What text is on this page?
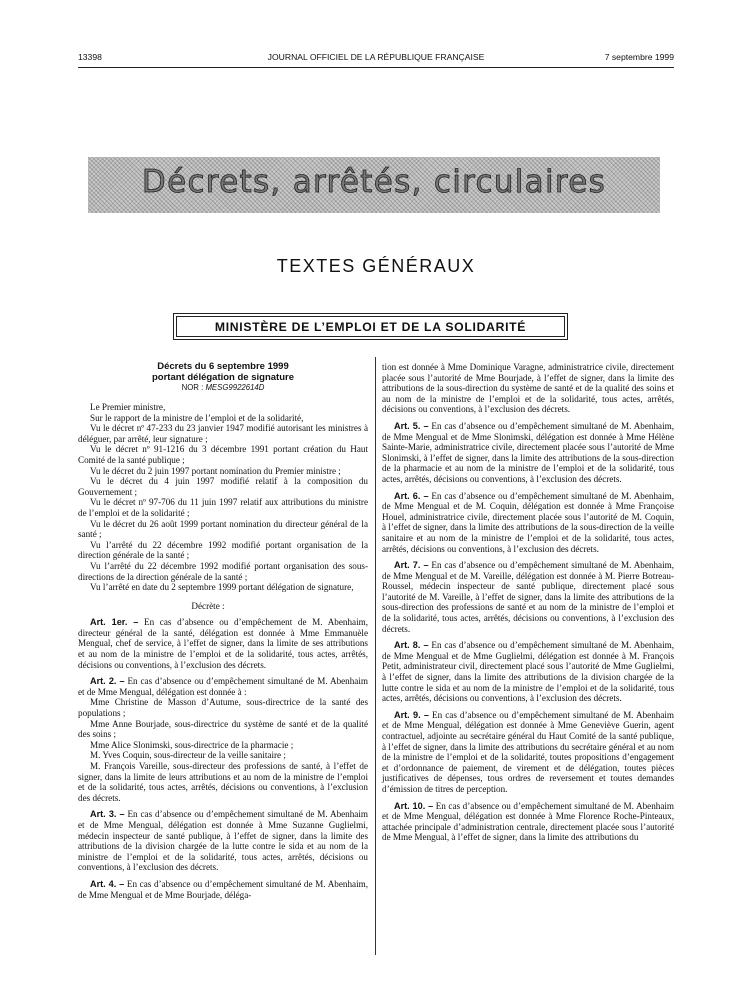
13398	JOURNAL OFFICIEL DE LA RÉPUBLIQUE FRANÇAISE	7 septembre 1999
Décrets, arrêtés, circulaires
TEXTES GÉNÉRAUX
MINISTÈRE DE L’EMPLOI ET DE LA SOLIDARITÉ

Décrets du 6 septembre 1999

portant délégation de signature

NOR : MESG9922614D

Le Premier ministre,

Sur le rapport de la ministre de l’emploi et de la solidarité,

Vu le décret nº 47-233 du 23 janvier 1947 modifié autorisant les ministres à déléguer, par arrêté, leur signature ;

Vu le décret nº 91-1216 du 3 décembre 1991 portant création du Haut Comité de la santé publique ;

Vu le décret du 2 juin 1997 portant nomination du Premier ministre ;

Vu le décret du 4 juin 1997 modifié relatif à la composition du Gouvernement ;

Vu le décret nº 97-706 du 11 juin 1997 relatif aux attributions du ministre de l’emploi et de la solidarité ;

Vu le décret du 26 août 1999 portant nomination du directeur général de la santé ;

Vu l’arrêté du 22 décembre 1992 modifié portant organisation de la direction générale de la santé ;

Vu l’arrêté du 22 décembre 1992 modifié portant organisation des sous-directions de la direction générale de la santé ;

Vu l’arrêté en date du 2 septembre 1999 portant délégation de signature,

Décrète :

Art. 1er. – En cas d’absence ou d’empêchement de M. Abenhaim, directeur général de la santé, délégation est donnée à Mme Emmanuèle Mengual, chef de service, à l’effet de signer, dans la limite de ses attributions et au nom de la ministre de l’emploi et de la solidarité, tous actes, arrêtés, décisions ou conventions, à l’exclusion des décrets.

Art. 2. – En cas d’absence ou d’empêchement simultané de M. Abenhaim et de Mme Mengual, délégation est donnée à :

Mme Christine de Masson d’Autume, sous-directrice de la santé des populations ;

Mme Anne Bourjade, sous-directrice du système de santé et de la qualité des soins ;

Mme Alice Slonimski, sous-directrice de la pharmacie ;

M. Yves Coquin, sous-directeur de la veille sanitaire ;

M. François Vareille, sous-directeur des professions de santé, à l’effet de signer, dans la limite de leurs attributions et au nom de la ministre de l’emploi et de la solidarité, tous actes, arrêtés, décisions ou conventions, à l’exclusion des décrets.

Art. 3. – En cas d’absence ou d’empêchement simultané de M. Abenhaim et de Mme Mengual, délégation est donnée à Mme Suzanne Guglielmi, médecin inspecteur de santé publique, à l’effet de signer, dans la limite des attributions de la division chargée de la lutte contre le sida et au nom de la ministre de l’emploi et de la solidarité, tous actes, arrêtés, décisions ou conventions, à l’exclusion des décrets.

Art. 4. – En cas d’absence ou d’empêchement simultané de M. Abenhaim, de Mme Mengual et de Mme Bourjade, déléga-

tion est donnée à Mme Dominique Varagne, administratrice civile, directement placée sous l’autorité de Mme Bourjade, à l’effet de signer, dans la limite des attributions de la sous-direction du système de santé et de la qualité des soins et au nom de la ministre de l’emploi et de la solidarité, tous actes, arrêtés, décisions ou conventions, à l’exclusion des décrets.

Art. 5. – En cas d’absence ou d’empêchement simultané de M. Abenhaim, de Mme Mengual et de Mme Slonimski, délégation est donnée à Mme Hélène Sainte-Marie, administratrice civile, directement placée sous l’autorité de Mme Slonimski, à l’effet de signer, dans la limite des attributions de la sous-direction de la pharmacie et au nom de la ministre de l’emploi et de la solidarité, tous actes, arrêtés, décisions ou conventions, à l’exclusion des décrets.

Art. 6. – En cas d’absence ou d’empêchement simultané de M. Abenhaim, de Mme Mengual et de M. Coquin, délégation est donnée à Mme Françoise Houel, administratrice civile, directement placée sous l’autorité de M. Coquin, à l’effet de signer, dans la limite des attributions de la sous-direction de la veille sanitaire et au nom de la ministre de l’emploi et de la solidarité, tous actes, arrêtés, décisions ou conventions, à l’exclusion des décrets.

Art. 7. – En cas d’absence ou d’empêchement simultané de M. Abenhaim, de Mme Mengual et de M. Vareille, délégation est donnée à M. Pierre Botreau-Roussel, médecin inspecteur de santé publique, directement placé sous l’autorité de M. Vareille, à l’effet de signer, dans la limite des attributions de la sous-direction des professions de santé et au nom de la ministre de l’emploi et de la solidarité, tous actes, arrêtés, décisions ou conventions, à l’exclusion des décrets.

Art. 8. – En cas d’absence ou d’empêchement simultané de M. Abenhaim, de Mme Mengual et de Mme Guglielmi, délégation est donnée à M. François Petit, administrateur civil, directement placé sous l’autorité de Mme Guglielmi, à l’effet de signer, dans la limite des attributions de la division chargée de la lutte contre le sida et au nom de la ministre de l’emploi et de la solidarité, tous actes, arrêtés, décisions ou conventions, à l’exclusion des décrets.

Art. 9. – En cas d’absence ou d’empêchement simultané de M. Abenhaim et de Mme Mengual, délégation est donnée à Mme Geneviève Guerin, agent contractuel, adjointe au secrétaire général du Haut Comité de la santé publique, à l’effet de signer, dans la limite des attributions du secrétaire général et au nom de la ministre de l’emploi et de la solidarité, toutes propositions d’engagement et d’ordonnance de paiement, de virement et de délégation, toutes pièces justificatives de dépenses, tous ordres de reversement et toutes demandes d’émission de titres de perception.

Art. 10. – En cas d’absence ou d’empêchement simultané de M. Abenhaim et de Mme Mengual, délégation est donnée à Mme Florence Roche-Pinteaux, attachée principale d’administration centrale, directement placée sous l’autorité de Mme Mengual, à l’effet de signer, dans la limite des attributions du
